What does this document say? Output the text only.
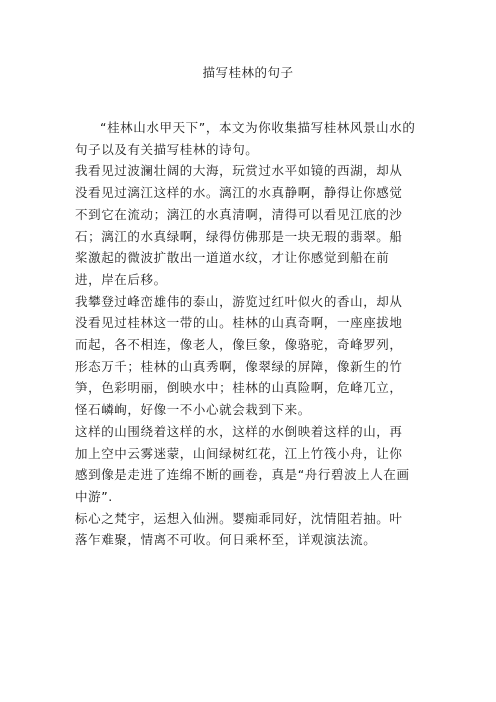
描写桂林的句子

“桂林山水甲天下”，本文为你收集描写桂林风景山水的
句子以及有关描写桂林的诗句。

我看见过波澜壮阔的大海，玩赏过水平如镜的西湖，却从
没看见过漓江这样的水。漓江的水真静啊，静得让你感觉
不到它在流动；漓江的水真清啊，清得可以看见江底的沙
石；漓江的水真绿啊，绿得仿佛那是一块无瑕的翡翠。船
桨激起的微波扩散出一道道水纹，才让你感觉到船在前
进，岸在后移。

我攀登过峰峦雄伟的泰山，游览过红叶似火的香山，却从
没看见过桂林这一带的山。桂林的山真奇啊，一座座拔地
而起，各不相连，像老人，像巨象，像骆驼，奇峰罗列，
形态万千；桂林的山真秀啊，像翠绿的屏障，像新生的竹
笋，色彩明丽，倒映水中；桂林的山真险啊，危峰兀立，
怪石嶙峋，好像一不小心就会栽到下来。

这样的山围绕着这样的水，这样的水倒映着这样的山，再
加上空中云雾迷蒙，山间绿树红花，江上竹筏小舟，让你
感到像是走进了连绵不断的画卷，真是“舟行碧波上人在画
中游”.

标心之梵宇，运想入仙洲。婴痴乖同好，沈情阻若抽。叶
落乍难聚，情离不可收。何日乘杯至，详观演法流。
